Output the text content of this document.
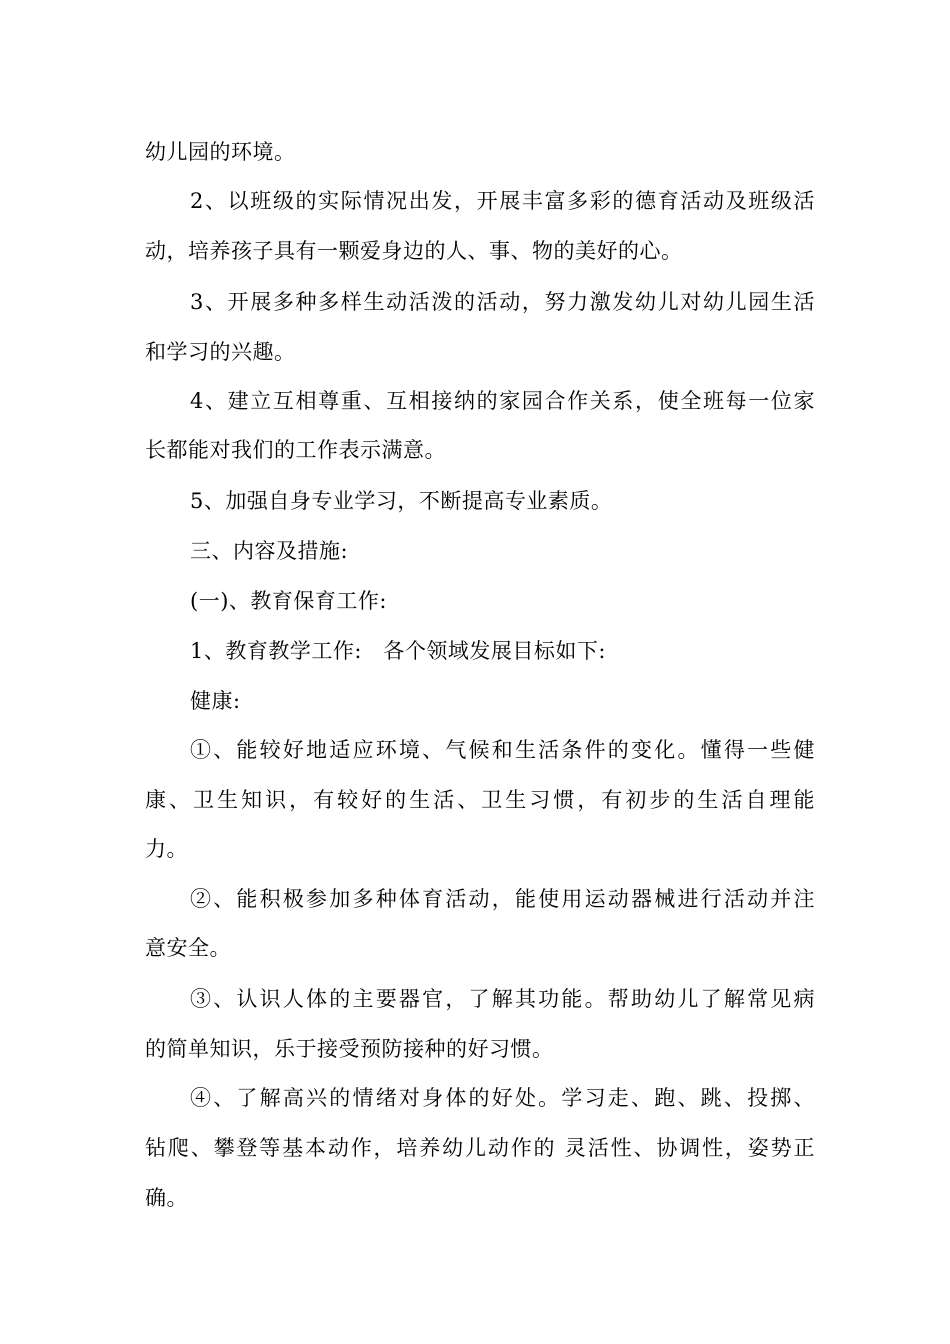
幼儿园的环境。
2、以班级的实际情况出发，开展丰富多彩的德育活动及班级活
动，培养孩子具有一颗爱身边的人、事、物的美好的心。
3、开展多种多样生动活泼的活动，努力激发幼儿对幼儿园生活
和学习的兴趣。
4、建立互相尊重、互相接纳的家园合作关系，使全班每一位家
长都能对我们的工作表示满意。
5、加强自身专业学习，不断提高专业素质。
三、内容及措施:
(一)、教育保育工作:
1、教育教学工作:　各个领域发展目标如下:
健康:
①、能较好地适应环境、气候和生活条件的变化。懂得一些健
康、卫生知识，有较好的生活、卫生习惯，有初步的生活自理能
力。
②、能积极参加多种体育活动，能使用运动器械进行活动并注
意安全。
③、认识人体的主要器官，了解其功能。帮助幼儿了解常见病
的简单知识，乐于接受预防接种的好习惯。
④、了解高兴的情绪对身体的好处。学习走、跑、跳、投掷、
钻爬、攀登等基本动作，培养幼儿动作的 灵活性、协调性，姿势正
确。
